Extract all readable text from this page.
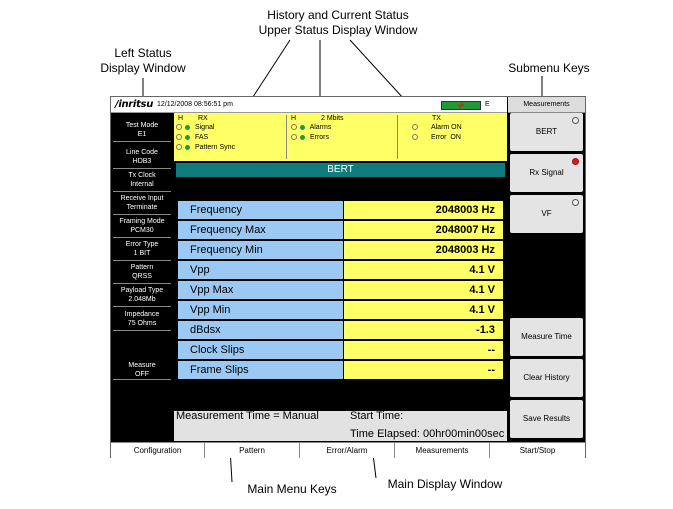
History and Current Status
Upper Status Display Window
Left Status
Display Window	Submenu Keys
Main Menu Keys	Main Display Window
/inritsu 12/12/2008 08:56:51 pm	E	Measurements
Test Mode
E1
Line Code
HDB3
Tx Clock
Internal
Receive Input
Terminate
Framing Mode
PCM30
Error Type
1 BIT
Pattern
QRSS
Payload Type
2.048Mb
Impedance
75 Ohms
Measure
OFF
H RX
Signal
FAS
Pattern Sync
H	2 Mbits
Alarms
Errors
TX
Alarm ON
Error  ON
BERT
Frequency	2048003 Hz
Frequency Max	2048007 Hz
Frequency Min	2048003 Hz
Vpp	4.1 V
Vpp Max	4.1 V
Vpp Min	4.1 V
dBdsx	-1.3
Clock Slips	--
Frame Slips	--
Measurement Time = Manual	Start Time:
Time Elapsed: 00hr00min00sec
BERT
Rx Signal
VF
Measure Time
Clear History
Save Results
Configuration	Pattern	Error/Alarm	Measurements	Start/Stop
